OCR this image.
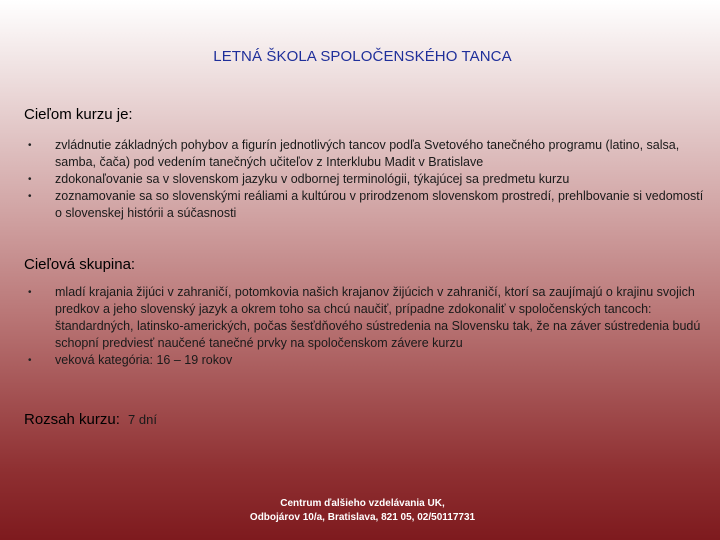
LETNÁ ŠKOLA SPOLOČENSKÉHO TANCA
Cieľom kurzu je:
• zvládnutie základných pohybov a figurín jednotlivých tancov podľa Svetového tanečného programu (latino, salsa, samba, čača) pod vedením tanečných učiteľov z Interklubu Madit v Bratislave
• zdokonaľovanie sa v slovenskom jazyku v odbornej terminológii, týkajúcej sa predmetu kurzu
• zoznamovanie sa so slovenskými reáliami a kultúrou v prirodzenom slovenskom prostredí, prehlbovanie si vedomostí o slovenskej histórii a súčasnosti
Cieľová skupina:
• mladí krajania žijúci v zahraničí, potomkovia našich krajanov žijúcich v zahraničí, ktorí sa zaujímajú o krajinu svojich predkov a jeho slovenský jazyk a okrem toho sa chcú naučiť, prípadne zdokonaliť v spoločenských tancoch: štandardných, latinsko-amerických, počas šesťdňového sústredenia na Slovensku tak, že na záver sústredenia budú schopní predviesť naučené tanečné prvky na spoločenskom závere kurzu
• veková kategória: 16 – 19 rokov
Rozsah kurzu: 7 dní
Centrum ďalšieho vzdelávania UK,
Odbojárov 10/a, Bratislava, 821 05, 02/50117731
